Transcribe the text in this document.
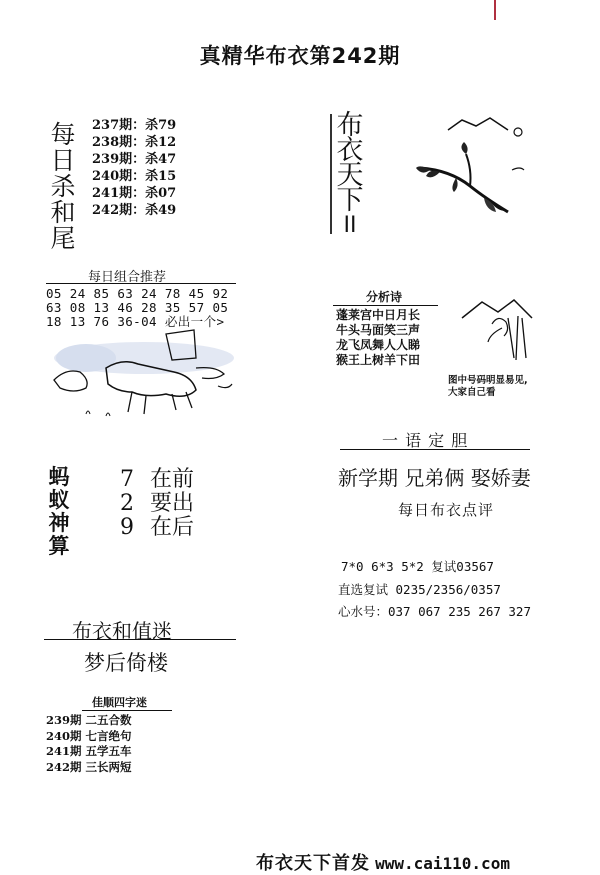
真精华布衣第242期
每
日
杀
和
尾
237期：杀79
238期：杀12
239期：杀47
240期：杀15
241期：杀07
242期：杀49
布
衣
天
下
II
每日组合推荐
05 24 85 63 24 78 45 92
63 08 13 46 28 35 57 05
18 13 76 36-04 必出一个>
分析诗
蓬莱宫中日月长
牛头马面笑三声
龙飞凤舞人人睇
猴王上树羊下田
图中号码明显易见,
大家自己看
一 语 定 胆
新学期 兄弟俩 娶娇妻
每日布衣点评
蚂
蚁
神
算
7 在前
2 要出
9 在后
7*0 6*3 5*2 复试03567
直选复试 0235/2356/0357
心水号：037 067 235 267 327
布衣和值迷
梦后倚楼
佳顺四字迷
239期 二五合数
240期 七言绝句
241期 五学五车
242期 三长两短
布衣天下首发 www.cai110.com
